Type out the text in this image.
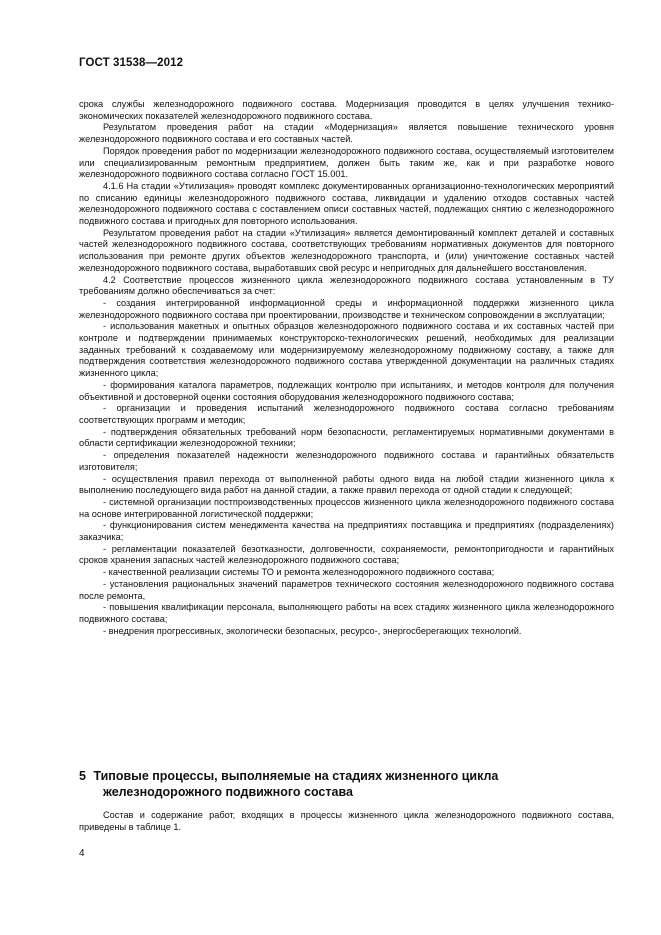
ГОСТ 31538—2012

срока службы железнодорожного подвижного состава. Модернизация проводится в целях улучшения технико-экономических показателей железнодорожного подвижного состава.

Результатом проведения работ на стадии «Модернизация» является повышение технического уровня железнодорожного подвижного состава и его составных частей.

Порядок проведения работ по модернизации железнодорожного подвижного состава, осуществляемый изготовителем или специализированным ремонтным предприятием, должен быть таким же, как и при разработке нового железнодорожного подвижного состава согласно ГОСТ 15.001.

4.1.6 На стадии «Утилизация» проводят комплекс документированных организационно-технологических мероприятий по списанию единицы железнодорожного подвижного состава, ликвидации и удалению отходов составных частей железнодорожного подвижного состава с составлением описи составных частей, подлежащих снятию с железнодорожного подвижного состава и пригодных для повторного использования.

Результатом проведения работ на стадии «Утилизация» является демонтированный комплект деталей и составных частей железнодорожного подвижного состава, соответствующих требованиям нормативных документов для повторного использования при ремонте других объектов железнодорожного транспорта, и (или) уничтожение составных частей железнодорожного подвижного состава, выработавших свой ресурс и непригодных для дальнейшего восстановления.

4.2 Соответствие процессов жизненного цикла железнодорожного подвижного состава установленным в ТУ требованиям должно обеспечиваться за счет:

- создания интегрированной информационной среды и информационной поддержки жизненного цикла железнодорожного подвижного состава при проектировании, производстве и техническом сопровождении в эксплуатации;

- использования макетных и опытных образцов железнодорожного подвижного состава и их составных частей при контроле и подтверждении принимаемых конструкторско-технологических решений, необходимых для реализации заданных требований к создаваемому или модернизируемому железнодорожному подвижному составу, а также для подтверждения соответствия железнодорожного подвижного состава утвержденной документации на различных стадиях жизненного цикла;

- формирования каталога параметров, подлежащих контролю при испытаниях, и методов контроля для получения объективной и достоверной оценки состояния оборудования железнодорожного подвижного состава;

- организации и проведения испытаний железнодорожного подвижного состава согласно требованиям соответствующих программ и методик;

- подтверждения обязательных требований норм безопасности, регламентируемых нормативными документами в области сертификации железнодорожной техники;

- определения показателей надежности железнодорожного подвижного состава и гарантийных обязательств изготовителя;

- осуществления правил перехода от выполненной работы одного вида на любой стадии жизненного цикла к выполнению последующего вида работ на данной стадии, а также правил перехода от одной стадии к следующей;

- системной организации постпроизводственных процессов жизненного цикла железнодорожного подвижного состава на основе интегрированной логистической поддержки;

- функционирования систем менеджмента качества на предприятиях поставщика и предприятиях (подразделениях) заказчика;

- регламентации показателей безотказности, долговечности, сохраняемости, ремонтопригодности и гарантийных сроков хранения запасных частей железнодорожного подвижного состава;

- качественной реализации системы ТО и ремонта железнодорожного подвижного состава;

- установления рациональных значений параметров технического состояния железнодорожного подвижного состава после ремонта,

- повышения квалификации персонала, выполняющего работы на всех стадиях жизненного цикла железнодорожного подвижного состава;

- внедрения прогрессивных, экологически безопасных, ресурсо-, энергосберегающих технологий.

5 Типовые процессы, выполняемые на стадиях жизненного цикла
железнодорожного подвижного состава

Состав и содержание работ, входящих в процессы жизненного цикла железнодорожного подвижного состава, приведены в таблице 1.

4
